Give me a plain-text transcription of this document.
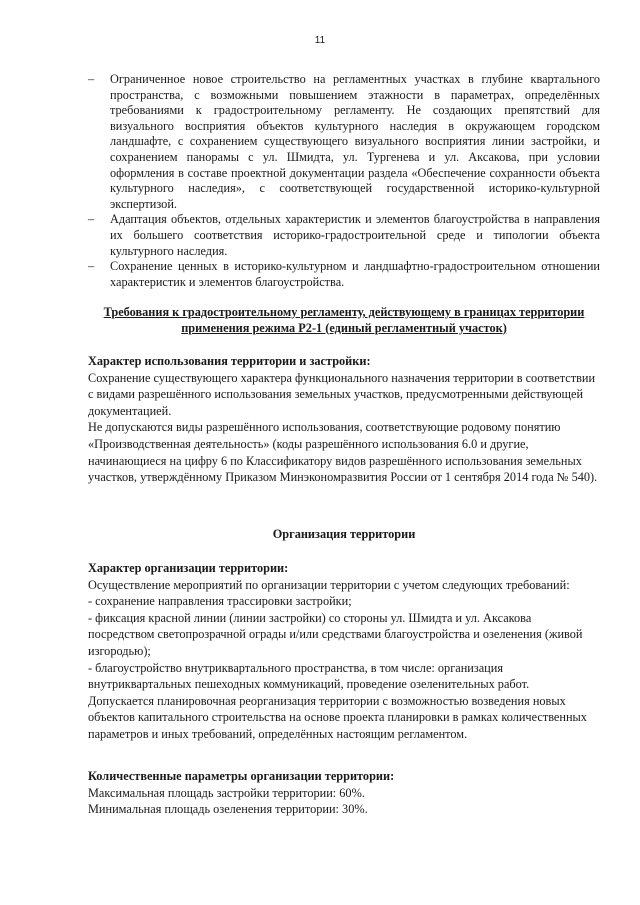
11
– Ограниченное новое строительство на регламентных участках в глубине квартального пространства, с возможными повышением этажности в параметрах, определённых требованиями к градостроительному регламенту. Не создающих препятствий для визуального восприятия объектов культурного наследия в окружающем городском ландшафте, с сохранением существующего визуального восприятия линии застройки, и сохранением панорамы с ул. Шмидта, ул. Тургенева и ул. Аксакова, при условии оформления в составе проектной документации раздела «Обеспечение сохранности объекта культурного наследия», с соответствующей государственной историко-культурной экспертизой.
– Адаптация объектов, отдельных характеристик и элементов благоустройства в направления их большего соответствия историко-градостроительной среде и типологии объекта культурного наследия.
– Сохранение ценных в историко-культурном и ландшафтно-градостроительном отношении характеристик и элементов благоустройства.
Требования к градостроительному регламенту, действующему в границах территории применения режима Р2-1 (единый регламентный участок)

Характер использования территории и застройки:

Сохранение существующего характера функционального назначения территории в соответствии с видами разрешённого использования земельных участков, предусмотренными действующей документацией.

Не допускаются виды разрешённого использования, соответствующие родовому понятию «Производственная деятельность» (коды разрешённого использования 6.0 и другие, начинающиеся на цифру 6 по Классификатору видов разрешённого использования земельных участков, утверждённому Приказом Минэкономразвития России от 1 сентября 2014 года № 540).

Организация территории

Характер организации территории:

Осуществление мероприятий по организации территории с учетом следующих требований:

- сохранение направления трассировки застройки;

- фиксация красной линии (линии застройки) со стороны ул. Шмидта и ул. Аксакова посредством светопрозрачной ограды и/или средствами благоустройства и озеленения (живой изгородью);

- благоустройство внутриквартального пространства, в том числе: организация внутриквартальных пешеходных коммуникаций, проведение озеленительных работ.

Допускается планировочная реорганизация территории с возможностью возведения новых объектов капитального строительства на основе проекта планировки в рамках количественных параметров и иных требований, определённых настоящим регламентом.

Количественные параметры организации территории:

Максимальная площадь застройки территории: 60%.

Минимальная площадь озеленения территории: 30%.
